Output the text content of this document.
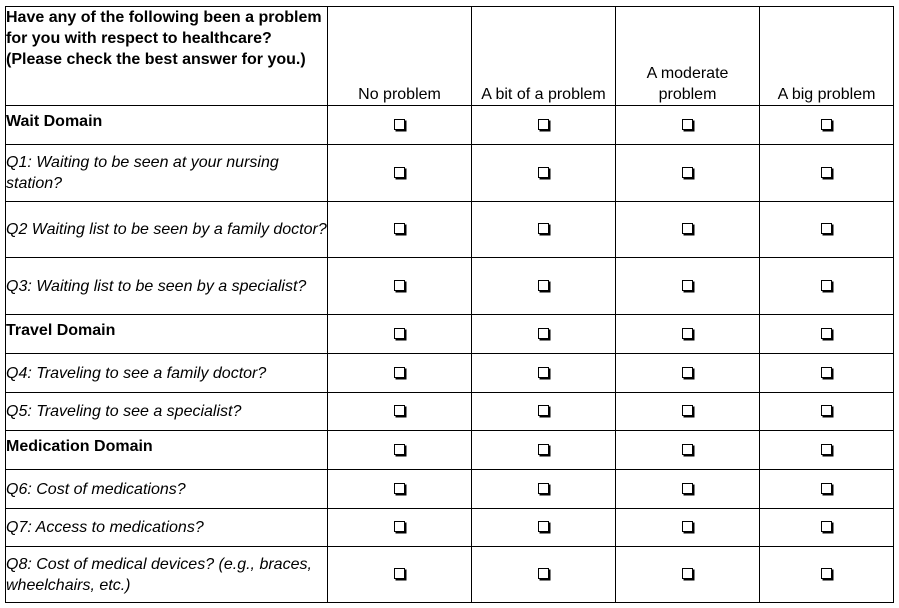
Have any of the following been a problem for you with respect to healthcare? (Please check the best answer for you.)	No problem	A bit of a problem	A moderate problem	A big problem
Wait Domain				
Q1: Waiting to be seen at your nursing station?				
Q2 Waiting list to be seen by a family doctor?				
Q3: Waiting list to be seen by a specialist?				
Travel Domain				
Q4: Traveling to see a family doctor?				
Q5: Traveling to see a specialist?				
Medication Domain				
Q6: Cost of medications?				
Q7: Access to medications?				
Q8: Cost of medical devices? (e.g., braces, wheelchairs, etc.)				
